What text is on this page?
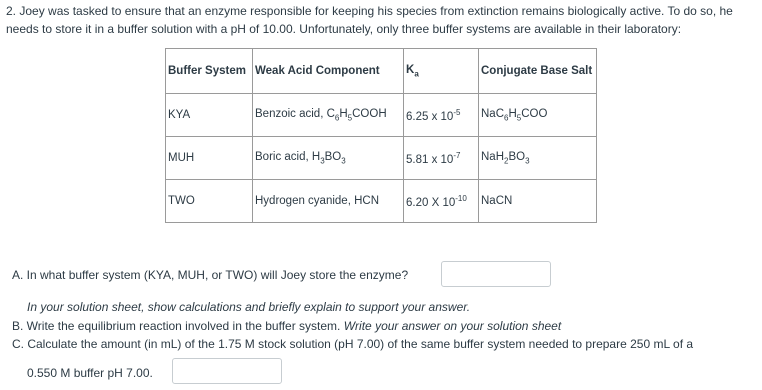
2. Joey was tasked to ensure that an enzyme responsible for keeping his species from extinction remains biologically active. To do so, he needs to store it in a buffer solution with a pH of 10.00. Unfortunately, only three buffer systems are available in their laboratory:
Buffer System	Weak Acid Component	$K_a$	Conjugate Base Salt
KYA	Benzoic acid, $C_6H_5COOH$	6.25 x $10^{-5}$	$NaC_6H_5COO$
MUH	Boric acid, $H_3BO_3$	5.81 x $10^{-7}$	$NaH_2BO_3$
TWO	Hydrogen cyanide, HCN	6.20 X $10^{-10}$	NaCN
A. In what buffer system (KYA, MUH, or TWO) will Joey store the enzyme?
In your solution sheet, show calculations and briefly explain to support your answer.
B. Write the equilibrium reaction involved in the buffer system. Write your answer on your solution sheet
C. Calculate the amount (in mL) of the 1.75 M stock solution (pH 7.00) of the same buffer system needed to prepare 250 mL of a
0.550 M buffer pH 7.00.
